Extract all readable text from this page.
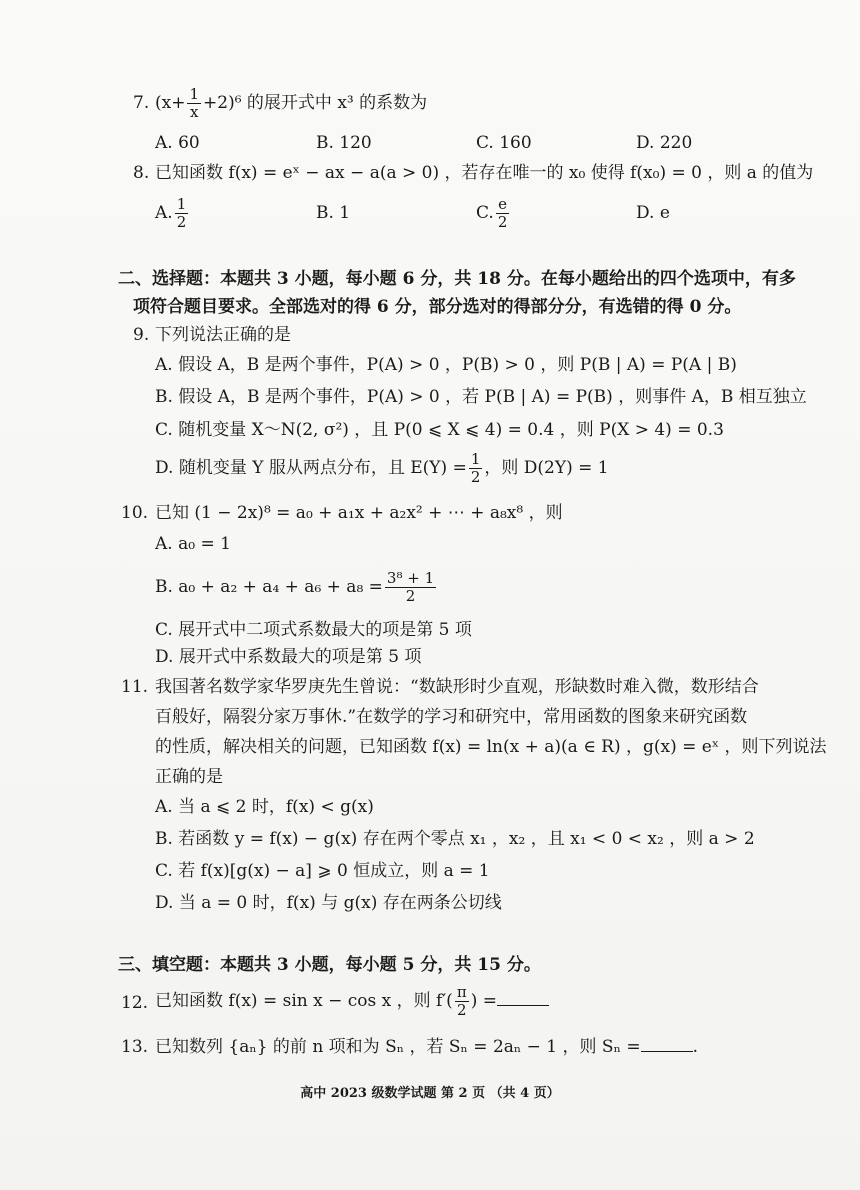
7. $(x+ \frac{1}{x} +2)^6$ 的展开式中 x³ 的系数为
A. 60	B. 120	C. 160	D. 220
8. 已知函数 f(x) = eˣ − ax − a(a > 0) ，若存在唯一的 x₀ 使得 f(x₀) = 0 ，则 a 的值为
A. $\frac{1}{2}$	B. 1	C. $\frac{e}{2}$	D. e
二、选择题：本题共 3 小题，每小题 6 分，共 18 分。在每小题给出的四个选项中，有多
项符合题目要求。全部选对的得 6 分，部分选对的得部分分，有选错的得 0 分。
9. 下列说法正确的是
A. 假设 A，B 是两个事件，P(A) > 0 ，P(B) > 0 ，则 P(B | A) = P(A | B)
B. 假设 A，B 是两个事件，P(A) > 0 ，若 P(B | A) = P(B) ，则事件 A，B 相互独立
C. 随机变量 X～N(2, σ²) ，且 P(0 ⩽ X ⩽ 4) = 0.4 ，则 P(X > 4) = 0.3
D. 随机变量 Y 服从两点分布，且 $E(Y) = \frac{1}{2}$ ，则 D(2Y) = 1
10. 已知 (1 − 2x)⁸ = a₀ + a₁x + a₂x² + ⋯ + a₈x⁸ ，则
A. a₀ = 1
B. $a_0 + a_2 + a_4 + a_6 + a_8 = \frac{\text{3⁸ + 1}}{2}$
C. 展开式中二项式系数最大的项是第 5 项
D. 展开式中系数最大的项是第 5 项
11. 我国著名数学家华罗庚先生曾说：“数缺形时少直观，形缺数时难入微，数形结合
百般好，隔裂分家万事休.”在数学的学习和研究中，常用函数的图象来研究函数
的性质，解决相关的问题，已知函数 f(x) = ln(x + a)(a ∈ R) ，g(x) = eˣ ，则下列说法
正确的是
A. 当 a ⩽ 2 时，f(x) < g(x)
B. 若函数 y = f(x) − g(x) 存在两个零点 x₁ ，x₂ ，且 x₁ < 0 < x₂ ，则 a > 2
C. 若 f(x)[g(x) − a] ⩾ 0 恒成立，则 a = 1
D. 当 a = 0 时，f(x) 与 g(x) 存在两条公切线
三、填空题：本题共 3 小题，每小题 5 分，共 15 分。
12. 已知函数 f(x) = sin x − cos x ，则 $f'( \frac{\pi}{2}$ ) =
13. 已知数列 {aₙ} 的前 n 项和为 Sₙ ，若 Sₙ = 2aₙ − 1 ，则 Sₙ =	.
高中 2023 级数学试题 第 2 页 （共 4 页）
